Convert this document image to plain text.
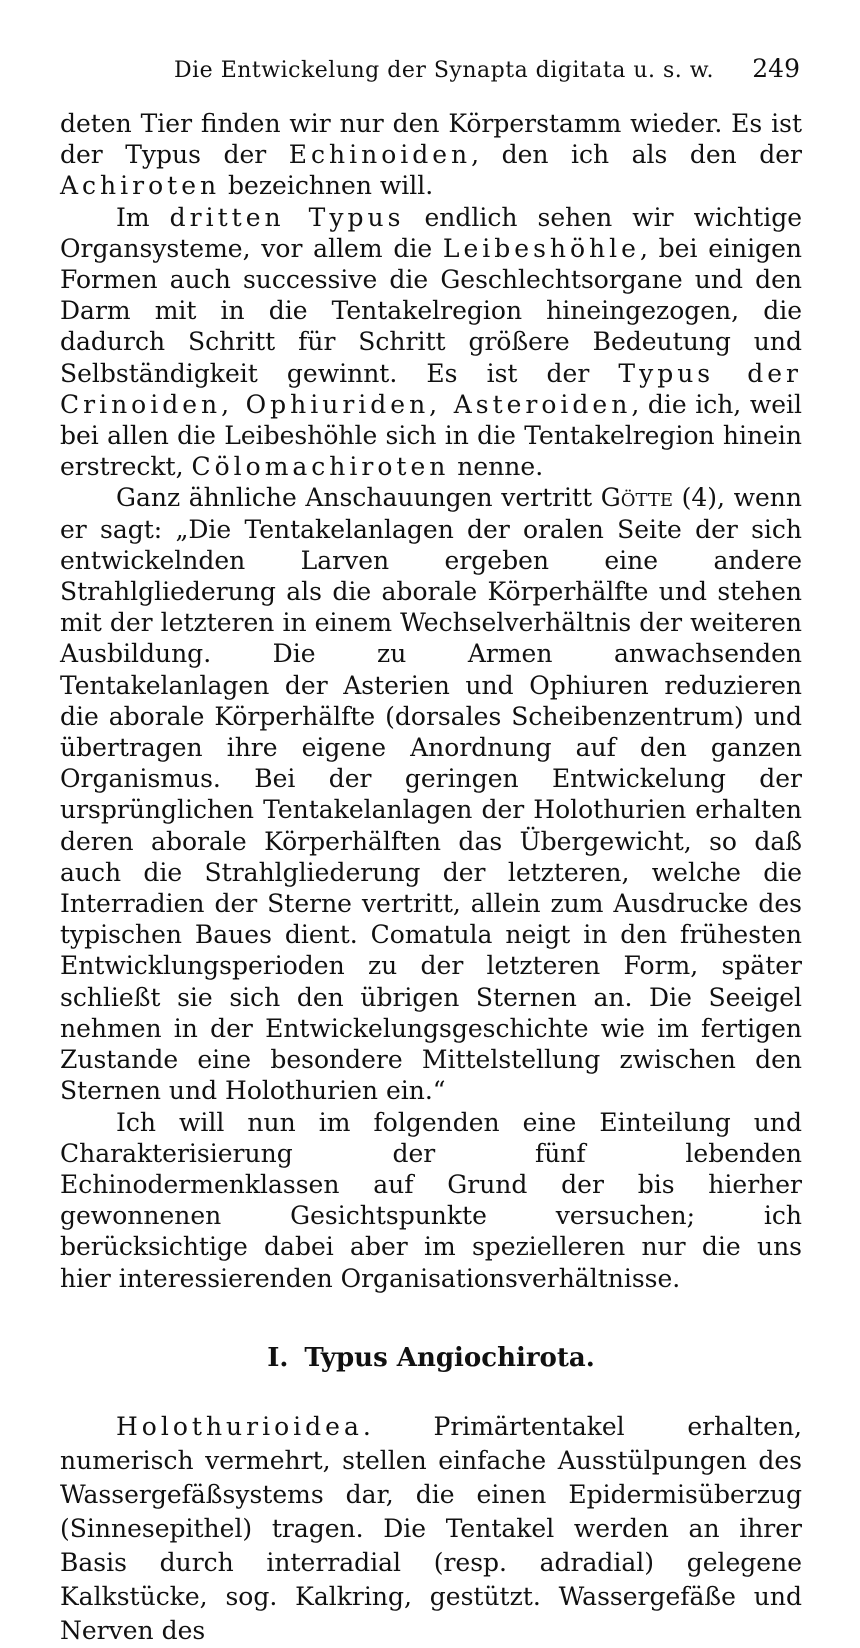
Die Entwickelung der Synapta digitata u. s. w. 249

deten Tier finden wir nur den Körperstamm wieder. Es ist der Typus der Echinoiden, den ich als den der Achiroten bezeichnen will.

Im dritten Typus endlich sehen wir wichtige Organsysteme, vor allem die Leibeshöhle, bei einigen Formen auch successive die Geschlechtsorgane und den Darm mit in die Tentakelregion hineingezogen, die dadurch Schritt für Schritt größere Bedeutung und Selbständigkeit gewinnt. Es ist der Typus der Crinoiden, Ophiuriden, Asteroiden, die ich, weil bei allen die Leibeshöhle sich in die Tentakelregion hinein erstreckt, Cölomachiroten nenne.

Ganz ähnliche Anschauungen vertritt Götte (4), wenn er sagt: „Die Tentakelanlagen der oralen Seite der sich entwickelnden Larven ergeben eine andere Strahlgliederung als die aborale Körperhälfte und stehen mit der letzteren in einem Wechselverhältnis der weiteren Ausbildung. Die zu Armen anwachsenden Tentakelanlagen der Asterien und Ophiuren reduzieren die aborale Körperhälfte (dorsales Scheibenzentrum) und übertragen ihre eigene Anordnung auf den ganzen Organismus. Bei der geringen Entwickelung der ursprünglichen Tentakelanlagen der Holothurien erhalten deren aborale Körperhälften das Übergewicht, so daß auch die Strahlgliederung der letzteren, welche die Interradien der Sterne vertritt, allein zum Ausdrucke des typischen Baues dient. Comatula neigt in den frühesten Entwicklungsperioden zu der letzteren Form, später schließt sie sich den übrigen Sternen an. Die Seeigel nehmen in der Entwickelungsgeschichte wie im fertigen Zustande eine besondere Mittelstellung zwischen den Sternen und Holothurien ein.“

Ich will nun im folgenden eine Einteilung und Charakterisierung der fünf lebenden Echinodermenklassen auf Grund der bis hierher gewonnenen Gesichtspunkte versuchen; ich berücksichtige dabei aber im spezielleren nur die uns hier interessierenden Organisationsverhältnisse.

I. Typus Angiochirota.

Holothurioidea. Primärtentakel erhalten, numerisch vermehrt, stellen einfache Ausstülpungen des Wassergefäßsystems dar, die einen Epidermisüberzug (Sinnesepithel) tragen. Die Tentakel werden an ihrer Basis durch interradial (resp. adradial) gelegene Kalkstücke, sog. Kalkring, gestützt. Wassergefäße und Nerven des
